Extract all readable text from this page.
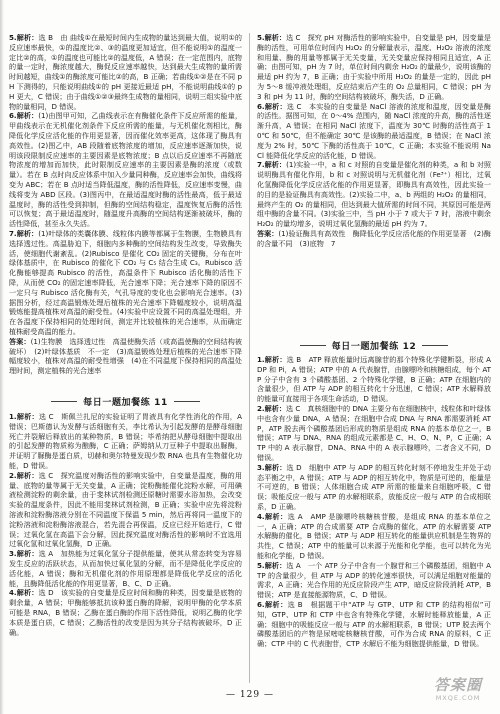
5.解析：选 B　由 曲线①在最短时间内生成物的量达到最大值，说明①的反应速率最快，①的温度比②、③的温度更加适宜，但不能说明①的温度一定比②的高，①的温度也可能比②的温度低，A 错误；在一定范围内，底物的量一定时，酶浓度越大，酶促反应速率越快，达到最大生成物的量所需时间越短，曲线①的酶浓度可能比②的高，B 正确；若曲线①②是在不同 pH 下测得的，只能说明曲线①的 pH 更接近最适 pH，不能说明曲线①的 pH 更大，C 错误；由于曲线①②③最终生成物的量相同，说明三组实验中底物的量相同，D 错误。

6.解析：(1)由图甲可知，乙曲线表示在有酶催化条件下反应所需的能量，甲曲线表示在无机催化剂条件下反应所需的能量，与无机催化剂相比，酶降低化学反应活化能的作用更显著，因而催化效率更高，这体现了酶具有高效性。(2)图乙中，AB 段随着底物浓度的增加，反应速率逐渐加快，说明该段限制反应速率的主要因素是底物浓度；B 点以后反应速率不再随底物浓度的增加而加快，此时限制反应速率的主要因素是酶的浓度（或数量）。若在 B 点时向反应体系中加入少量同种酶，反应速率会加快，曲线将变为 ABC；若在 B 点时适当降低温度，酶的活性降低，反应速率变慢，曲线将变为 ABD 区段。(3)图丙中，在最适温度时酶的活性最高，低于最适温度时，酶的活性受到抑制，但酶的空间结构稳定，温度恢复后酶的活性可以恢复；高于最适温度时，随温度升高酶的空间结构逐渐被破坏，酶的活性降低，甚至永久失活。

7.解析：(1)叶绿体的类囊体膜、线粒体内膜等都属于生物膜，生物膜具有选择透过性。高温胁迫下，细胞内多种酶的空间结构发生改变，导致酶失活，使细胞代谢紊乱。(2)Rubisco 是催化 CO₂ 固定的关键酶，分布在叶绿体基质中，在 Rubisco 的催化下 CO₂ 与 C₅ 结合生成 C₃。Rubisco 活化酶能够提高 Rubisco 的活性，高温条件下 Rubisco 活化酶的活性下降，从而使 CO₂ 的固定速率降低，光合速率下降；光合速率下降的原因不一定只与 Rubisco 活化酶有关，气孔导度的变化也会影响光合速率。(3)据图分析，经过高温锻炼处理后植株的光合速率下降幅度较小，说明高温锻炼能提高植株对高温的耐受性。(4)实验中应设置不同的高温处理组，并在各温度下保持相同的处理时间，测定并比较植株的光合速率，从而确定植株耐受高温的能力。

答案：(1)生物膜　选择透过性　高温使酶失活（或高温使酶的空间结构被破坏）　(2)叶绿体基质　不一定　(3)高温锻炼处理后植株的光合速率下降幅度较小，植株对高温的耐受性增强　(4)在不同温度下保持相同的高温处理时间，测定植株的光合速率

每日一题加餐练 11

1.解析：选 C　斯佩兰扎尼的实验证明了胃液具有化学性消化的作用，A 错误；巴斯德认为发酵与活细胞有关，李比希认为引起发酵的是酵母细胞死亡并裂解后释放出的某种物质，B 错误；毕希纳把从酵母细胞中提取出的引起发酵的物质称为酿酶，C 正确；萨姆纳从刀豆种子中提取出脲酶，并证明了脲酶是蛋白质，切赫和奥尔特曼发现少数 RNA 也具有生物催化功能，D 错误。

2.解析：选 C　探究温度对酶活性的影响实验中，自变量是温度，酶的用量、底物的量等属于无关变量，A 正确；淀粉酶能催化淀粉水解，可用碘液检测淀粉的剩余量，由于斐林试剂检测还原糖时需要水浴加热，会改变实验的温度条件，因此不能用斐林试剂检测，B 正确；实验中应先将淀粉溶液和淀粉酶溶液分别在不同温度下保温 5 min，然后再将同一温度下的淀粉溶液和淀粉酶溶液混合，若先混合再保温，反应已经开始进行，C 错误；过氧化氢在高温下会分解，因此探究温度对酶活性的影响时不宜选用过氧化氢和过氧化氢酶，D 正确。

3.解析：选 A　加热能为过氧化氢分子提供能量，使其从常态转变为容易发生反应的活跃状态，从而加快过氧化氢的分解，而不是降低化学反应的活化能，A 错误；酶和无机催化剂的作用原理都是降低化学反应的活化能，且酶降低活化能的作用更显著，B、C、D 正确。

4.解析：选 D　该实验的自变量是反应时间和酶的种类，因变量是底物的剩余量，A 错误；甲酶能够抵抗该种蛋白酶的降解，说明甲酶的化学本质可能是 RNA，B 错误；乙酶在蛋白酶的作用下活性降低，说明乙酶的化学本质是蛋白质，C 错误；乙酶活性的改变是因为其分子结构被破坏，D 正确。

5.解析：选 C　探究 pH 对酶活性的影响实验中，自变量是 pH，因变量是酶的活性，可用单位时间内 H₂O₂ 的分解量表示，温度、H₂O₂ 溶液的浓度和用量、酶的用量等都属于无关变量，无关变量应保持相同且适宜，A 正确；由图可知，pH 为 7 时，单位时间内剩余 H₂O₂ 的量最少，说明该酶的最适 pH 约为 7，B 正确；由于实验中所用 H₂O₂ 的量是一定的，因此 pH 为 5～8 缓冲液处理组，反应结束后产生的 O₂ 总量相同，C 错误；pH 为 3 和 pH 为 11 时，酶的空间结构被破坏，酶失活，D 正确。

6.解析：选 C　本实验的自变量是 NaCl 溶液的浓度和温度，因变量是酶的活性。据图可知，在 0～4% 范围内，随 NaCl 浓度的升高，酶的活性逐渐升高，A 错误；在相同 NaCl 浓度下，温度为 30℃ 时酶的活性高于 10℃ 和 50℃，但不能确定 30℃ 是该酶的最适温度，B 错误；在 NaCl 浓度为 2% 时，50℃ 下酶的活性高于 10℃，C 正确；本实验不能说明 NaCl 能降低化学反应的活化能，D 错误。

7.解析：(1)实验一中，a 和 c 对照的自变量是催化剂的种类，a 和 b 对照说明酶具有催化作用，b 和 c 对照说明与无机催化剂（Fe³⁺）相比，过氧化氢酶降低化学反应活化能的作用更显著，即酶具有高效性，因此实验一的目的是验证酶具有高效性。(2)实验二中，a、b 两组的 H₂O₂ 的量相同，最终产生的 O₂ 的量相同，但达到最大值所需的时间不同，其原因可能是两组中酶的含量不同。(3)实验三中，当 pH 小于 7 或大于 7 时，溶液中剩余 H₂O₂ 的量均增多，说明过氧化氢酶的最适 pH 约为 7。

答案：(1)验证酶具有高效性　酶降低化学反应活化能的作用更显著　(2)酶的含量不同　(3)底物　7

每日一题加餐练 12

1.解析：选 B　ATP 释放能量时远离腺苷的那个特殊化学键断裂，形成 ADP 和 Pi，A 错误；ATP 中的 A 代表腺苷，由腺嘌呤和核糖组成，每个 ATP 分子中含有 3 个磷酸基团、2 个特殊化学键，B 正确；ATP 在细胞内的含量很少，但 ATP 与 ADP 的相互转化十分迅速，C 错误；ATP 水解释放的能量可直接用于各项生命活动，D 错误。

2.解析：选 C　真核细胞中的 DNA 主要分布在细胞核中，线粒体和叶绿体中也含有少量 DNA，A 错误；在细胞中合成 DNA 与 RNA 都需要消耗 ATP，ATP 脱去两个磷酸基团后形成的物质是组成 RNA 的基本单位之一，B 错误；ATP 与 DNA、RNA 的组成元素都是 C、H、O、N、P，C 正确；ATP 中的 A 表示腺苷，DNA、RNA 中的 A 表示腺嘌呤，二者含义不同，D 错误。

3.解析：选 D　细胞中 ATP 与 ADP 的相互转化时刻不停地发生并处于动态平衡之中，A 错误；ATP 与 ADP 的相互转化中，物质是可逆的，能量是不可逆的，B 错误；人体细胞合成 ATP 所需的能量来自细胞呼吸，C 错误；吸能反应一般与 ATP 的水解相联系，放能反应一般与 ATP 的合成相联系，D 正确。

4.解析：选 A　AMP 是腺嘌呤核糖核苷酸，是组成 RNA 的基本单位之一，A 正确；ATP 的合成需要 ATP 合成酶的催化，ATP 的水解需要 ATP 水解酶的催化，B 错误；ATP 与 ADP 相互转化的能量供应机制是生物界的共性，C 错误；ATP 中的能量可以来源于光能和化学能，也可以转化为光能和化学能，D 错误。

5.解析：选 A　一个 ATP 分子中含有一个腺苷和三个磷酸基团，细胞中 ATP 的含量很少，但 ATP 与 ADP 的转化速率很快，可以满足细胞对能量的需求，A 正确；光合作用的光反应阶段产生 ATP，暗反应阶段消耗 ATP，B 错误；ATP 是直接能源物质，C、D 错误。

6.解析：选 B　根据题干中“ATP 与 GTP、UTP 和 CTP 的结构相似”可知，GTP、UTP 和 CTP 中也含有特殊化学键，水解时能释放能量，A 正确；细胞中的吸能反应一般与 ATP 的水解相联系，B 错误；UTP 脱去两个磷酸基团后的产物是尿嘧啶核糖核苷酸，可作为合成 RNA 的原料，C 正确；CTP 中的 C 代表胞苷，CTP 水解后不能为细胞提供能量，D 错误。

— 129 —
答案圈
MXQE.COM
